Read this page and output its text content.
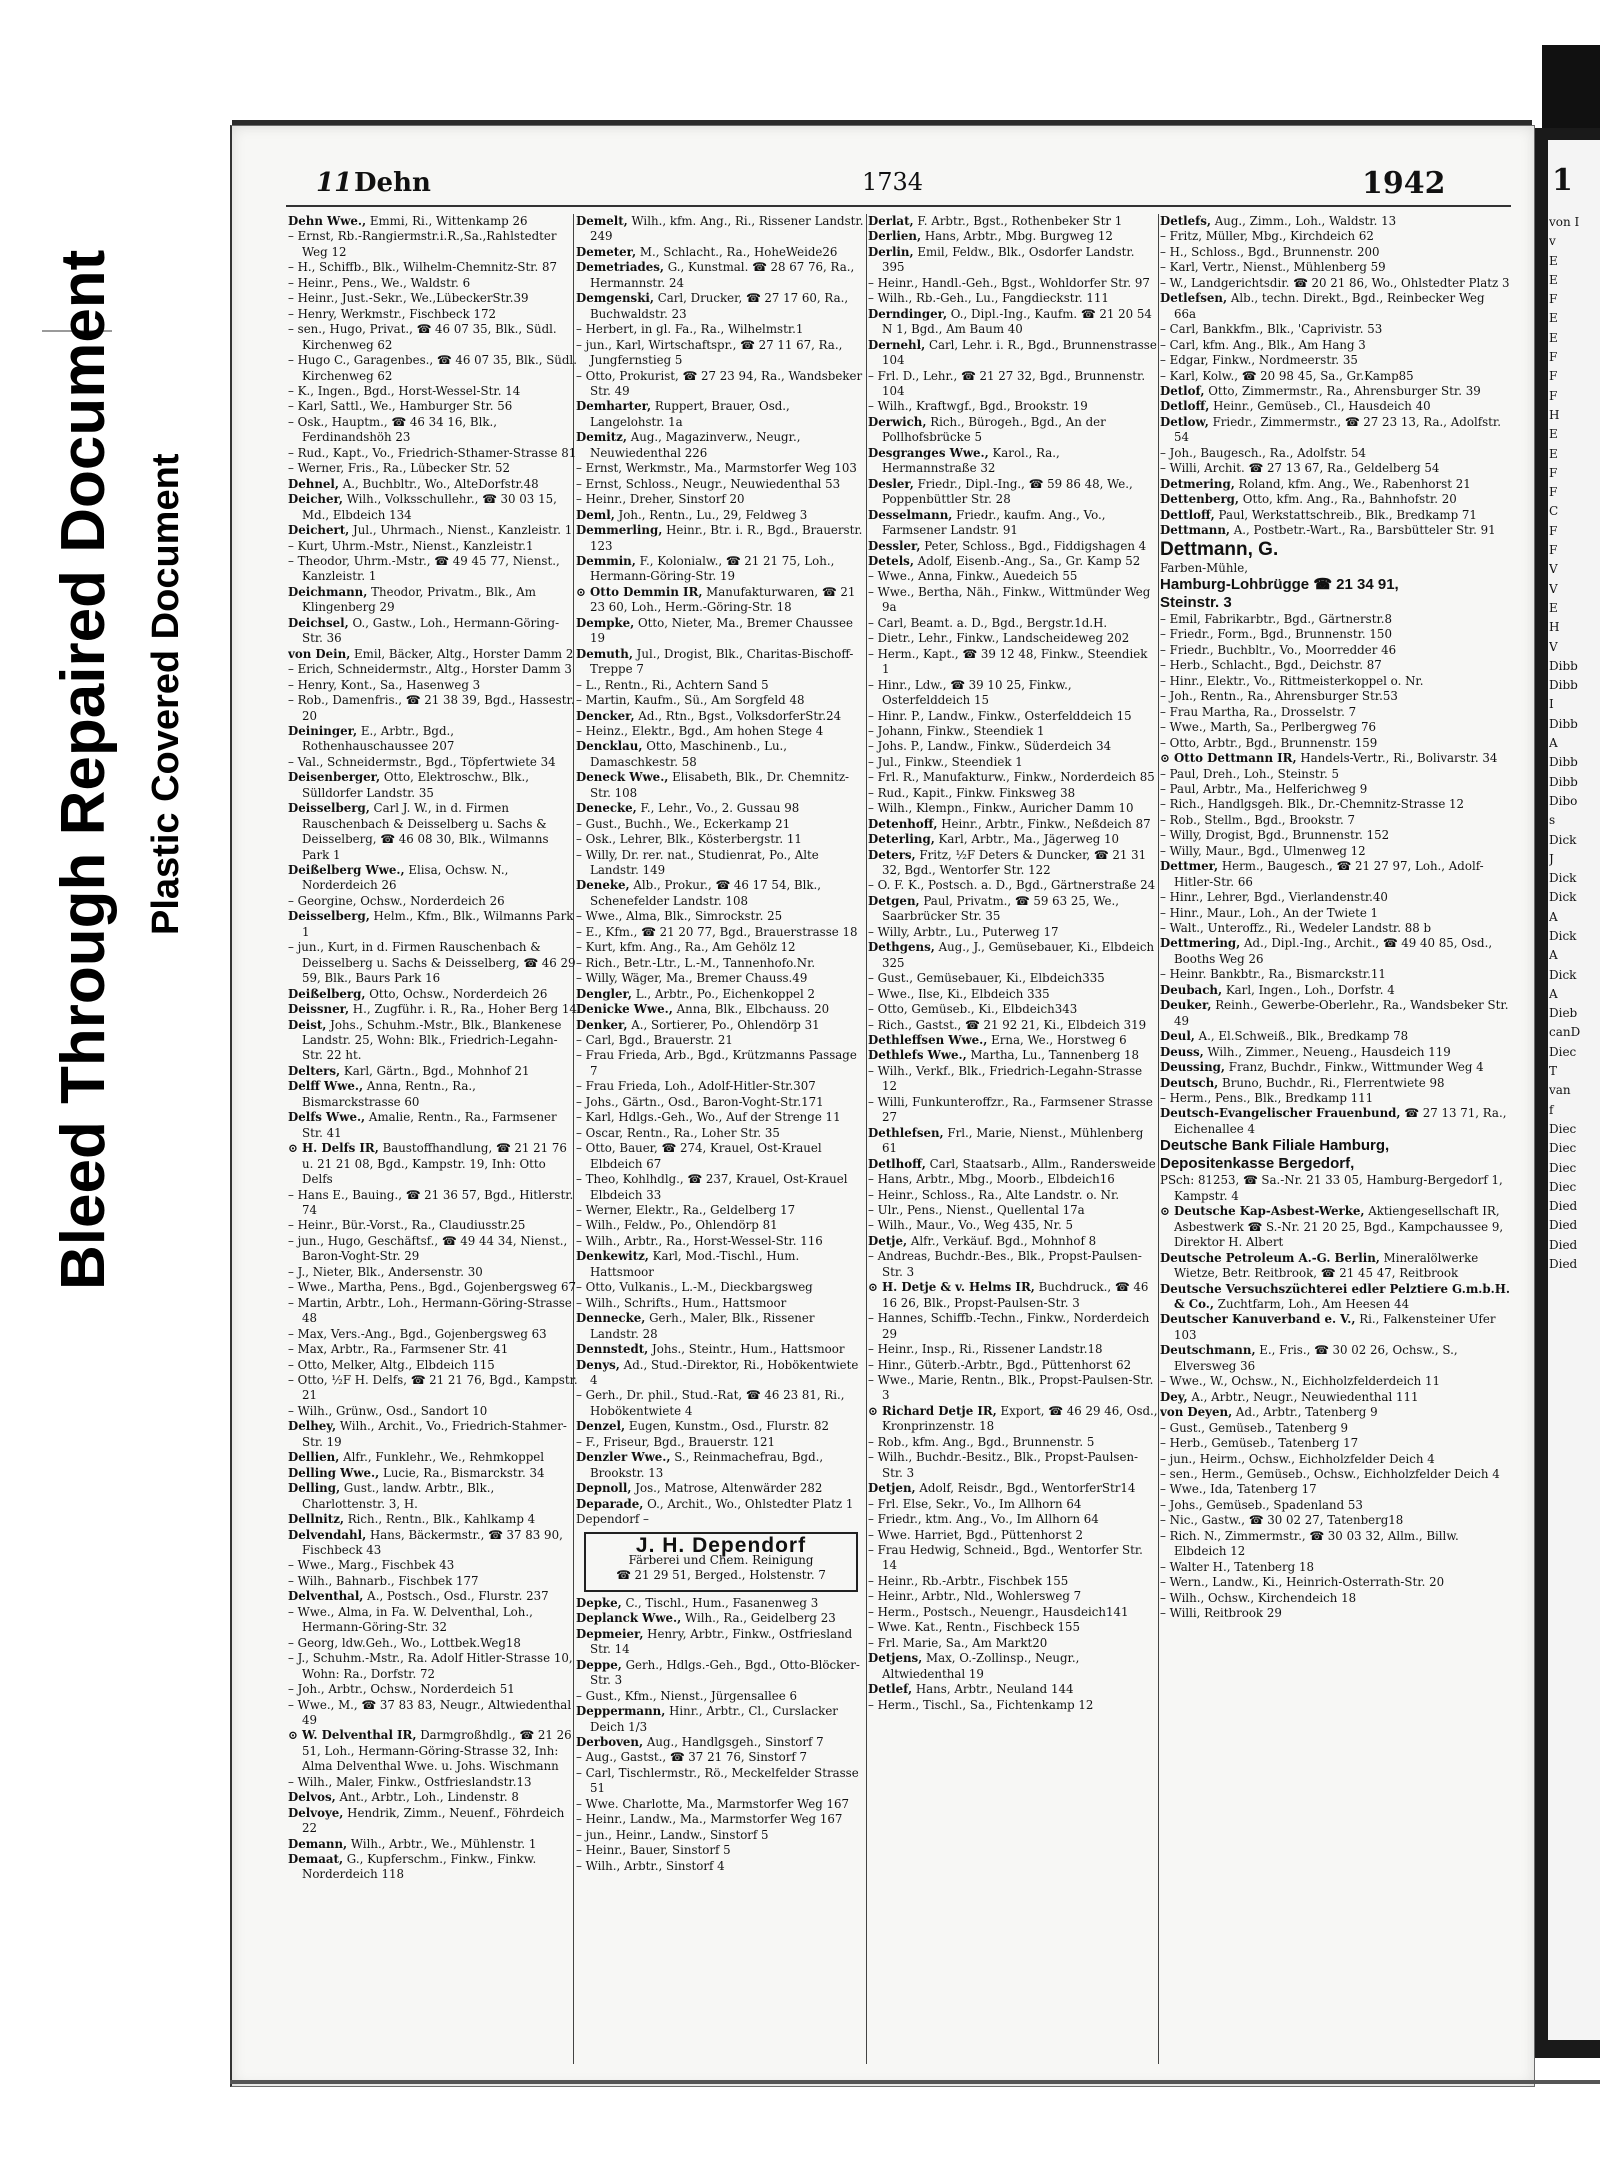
Bleed Through Repaired Document Plastic Covered Document
1
von I
v
E
E
F
E
E
F
F
F
H
E
E
F
F
C
F
F
V
V
E
H
V
Dibb
Dibb
I
Dibb
A
Dibb
Dibb
Dibo
s
Dick
J
Dick
Dick
A
Dick
A
Dick
A
Dieb
canD
Diec
T
van
f
Diec
Diec
Diec
Diec
Died
Died
Died
Died
11 Dehn	1734	1942

Dehn Wwe., Emmi, Ri., Wittenkamp 26

– Ernst, Rb.-Rangiermstr.i.R.,Sa.,Rahlstedter Weg 12

– H., Schiffb., Blk., Wilhelm-Chemnitz-Str. 87

– Heinr., Pens., We., Waldstr. 6

– Heinr., Just.-Sekr., We.,LübeckerStr.39

– Henry, Werkmstr., Fischbeck 172

– sen., Hugo, Privat., ☎ 46 07 35, Blk., Südl. Kirchenweg 62

– Hugo C., Garagenbes., ☎ 46 07 35, Blk., Südl. Kirchenweg 62

– K., Ingen., Bgd., Horst-Wessel-Str. 14

– Karl, Sattl., We., Hamburger Str. 56

– Osk., Hauptm., ☎ 46 34 16, Blk., Ferdinandshöh 23

– Rud., Kapt., Vo., Friedrich-Sthamer-Strasse 81

– Werner, Fris., Ra., Lübecker Str. 52

Dehnel, A., Buchbltr., Wo., AlteDorfstr.48

Deicher, Wilh., Volksschullehr., ☎ 30 03 15, Md., Elbdeich 134

Deichert, Jul., Uhrmach., Nienst., Kanzleistr. 1

– Kurt, Uhrm.-Mstr., Nienst., Kanzleistr.1

– Theodor, Uhrm.-Mstr., ☎ 49 45 77, Nienst., Kanzleistr. 1

Deichmann, Theodor, Privatm., Blk., Am Klingenberg 29

Deichsel, O., Gastw., Loh., Hermann-Göring-Str. 36

von Dein, Emil, Bäcker, Altg., Horster Damm 2

– Erich, Schneidermstr., Altg., Horster Damm 3

– Henry, Kont., Sa., Hasenweg 3

– Rob., Damenfris., ☎ 21 38 39, Bgd., Hassestr. 20

Deininger, E., Arbtr., Bgd., Rothenhauschaussee 207

– Val., Schneidermstr., Bgd., Töpfertwiete 34

Deisenberger, Otto, Elektroschw., Blk., Sülldorfer Landstr. 35

Deisselberg, Carl J. W., in d. Firmen Rauschenbach & Deisselberg u. Sachs & Deisselberg, ☎ 46 08 30, Blk., Wilmanns Park 1

Deißelberg Wwe., Elisa, Ochsw. N., Norderdeich 26

– Georgine, Ochsw., Norderdeich 26

Deisselberg, Helm., Kfm., Blk., Wilmanns Park 1

– jun., Kurt, in d. Firmen Rauschenbach & Deisselberg u. Sachs & Deisselberg, ☎ 46 29 59, Blk., Baurs Park 16

Deißelberg, Otto, Ochsw., Norderdeich 26

Deissner, H., Zugführ. i. R., Ra., Hoher Berg 14

Deist, Johs., Schuhm.-Mstr., Blk., Blankenese Landstr. 25, Wohn: Blk., Friedrich-Legahn-Str. 22 ht.

Delters, Karl, Gärtn., Bgd., Mohnhof 21

Delff Wwe., Anna, Rentn., Ra., Bismarckstrasse 60

Delfs Wwe., Amalie, Rentn., Ra., Farmsener Str. 41

⊙ H. Delfs IR, Baustoffhandlung, ☎ 21 21 76 u. 21 21 08, Bgd., Kampstr. 19, Inh: Otto Delfs

– Hans E., Bauing., ☎ 21 36 57, Bgd., Hitlerstr. 74

– Heinr., Bür.-Vorst., Ra., Claudiusstr.25

– jun., Hugo, Geschäftsf., ☎ 49 44 34, Nienst., Baron-Voght-Str. 29

– J., Nieter, Blk., Andersenstr. 30

– Wwe., Martha, Pens., Bgd., Gojenbergsweg 67

– Martin, Arbtr., Loh., Hermann-Göring-Strasse 48

– Max, Vers.-Ang., Bgd., Gojenbergsweg 63

– Max, Arbtr., Ra., Farmsener Str. 41

– Otto, Melker, Altg., Elbdeich 115

– Otto, ½F H. Delfs, ☎ 21 21 76, Bgd., Kampstr. 21

– Wilh., Grünw., Osd., Sandort 10

Delhey, Wilh., Archit., Vo., Friedrich-Stahmer-Str. 19

Dellien, Alfr., Funklehr., We., Rehmkoppel

Delling Wwe., Lucie, Ra., Bismarckstr. 34

Delling, Gust., landw. Arbtr., Blk., Charlottenstr. 3, H.

Dellnitz, Rich., Rentn., Blk., Kahlkamp 4

Delvendahl, Hans, Bäckermstr., ☎ 37 83 90, Fischbeck 43

– Wwe., Marg., Fischbek 43

– Wilh., Bahnarb., Fischbek 177

Delventhal, A., Postsch., Osd., Flurstr. 237

– Wwe., Alma, in Fa. W. Delventhal, Loh., Hermann-Göring-Str. 32

– Georg, ldw.Geh., Wo., Lottbek.Weg18

– J., Schuhm.-Mstr., Ra. Adolf Hitler-Strasse 10, Wohn: Ra., Dorfstr. 72

– Joh., Arbtr., Ochsw., Norderdeich 51

– Wwe., M., ☎ 37 83 83, Neugr., Altwiedenthal 49

⊙ W. Delventhal IR, Darmgroßhdlg., ☎ 21 26 51, Loh., Hermann-Göring-Strasse 32, Inh: Alma Delventhal Wwe. u. Johs. Wischmann

– Wilh., Maler, Finkw., Ostfrieslandstr.13

Delvos, Ant., Arbtr., Loh., Lindenstr. 8

Delvoye, Hendrik, Zimm., Neuenf., Föhrdeich 22

Demann, Wilh., Arbtr., We., Mühlenstr. 1

Demaat, G., Kupferschm., Finkw., Finkw. Norderdeich 118

Demelt, Wilh., kfm. Ang., Ri., Rissener Landstr. 249

Demeter, M., Schlacht., Ra., HoheWeide26

Demetriades, G., Kunstmal. ☎ 28 67 76, Ra., Hermannstr. 24

Demgenski, Carl, Drucker, ☎ 27 17 60, Ra., Buchwaldstr. 23

– Herbert, in gl. Fa., Ra., Wilhelmstr.1

– jun., Karl, Wirtschaftspr., ☎ 27 11 67, Ra., Jungfernstieg 5

– Otto, Prokurist, ☎ 27 23 94, Ra., Wandsbeker Str. 49

Demharter, Ruppert, Brauer, Osd., Langelohstr. 1a

Demitz, Aug., Magazinverw., Neugr., Neuwiedenthal 226

– Ernst, Werkmstr., Ma., Marmstorfer Weg 103

– Ernst, Schloss., Neugr., Neuwiedenthal 53

– Heinr., Dreher, Sinstorf 20

Deml, Joh., Rentn., Lu., 29, Feldweg 3

Demmerling, Heinr., Btr. i. R., Bgd., Brauerstr. 123

Demmin, F., Kolonialw., ☎ 21 21 75, Loh., Hermann-Göring-Str. 19

⊙ Otto Demmin IR, Manufakturwaren, ☎ 21 23 60, Loh., Herm.-Göring-Str. 18

Dempke, Otto, Nieter, Ma., Bremer Chaussee 19

Demuth, Jul., Drogist, Blk., Charitas-Bischoff-Treppe 7

– L., Rentn., Ri., Achtern Sand 5

– Martin, Kaufm., Sü., Am Sorgfeld 48

Dencker, Ad., Rtn., Bgst., VolksdorferStr.24

– Heinz., Elektr., Bgd., Am hohen Stege 4

Dencklau, Otto, Maschinenb., Lu., Damaschkestr. 58

Deneck Wwe., Elisabeth, Blk., Dr. Chemnitz-Str. 108

Denecke, F., Lehr., Vo., 2. Gussau 98

– Gust., Buchh., We., Eckerkamp 21

– Osk., Lehrer, Blk., Kösterbergstr. 11

– Willy, Dr. rer. nat., Studienrat, Po., Alte Landstr. 149

Deneke, Alb., Prokur., ☎ 46 17 54, Blk., Schenefelder Landstr. 108

– Wwe., Alma, Blk., Simrockstr. 25

– E., Kfm., ☎ 21 20 77, Bgd., Brauerstrasse 18

– Kurt, kfm. Ang., Ra., Am Gehölz 12

– Rich., Betr.-Ltr., L.-M., Tannenhofo.Nr.

– Willy, Wäger, Ma., Bremer Chauss.49

Dengler, L., Arbtr., Po., Eichenkoppel 2

Denicke Wwe., Anna, Blk., Elbchauss. 20

Denker, A., Sortierer, Po., Ohlendörp 31

– Carl, Bgd., Brauerstr. 21

– Frau Frieda, Arb., Bgd., Krützmanns Passage 7

– Frau Frieda, Loh., Adolf-Hitler-Str.307

– Johs., Gärtn., Osd., Baron-Voght-Str.171

– Karl, Hdlgs.-Geh., Wo., Auf der Strenge 11

– Oscar, Rentn., Ra., Loher Str. 35

– Otto, Bauer, ☎ 274, Krauel, Ost-Krauel Elbdeich 67

– Theo, Kohlhdlg., ☎ 237, Krauel, Ost-Krauel Elbdeich 33

– Werner, Elektr., Ra., Geldelberg 17

– Wilh., Feldw., Po., Ohlendörp 81

– Wilh., Arbtr., Ra., Horst-Wessel-Str. 116

Denkewitz, Karl, Mod.-Tischl., Hum. Hattsmoor

– Otto, Vulkanis., L.-M., Dieckbargsweg

– Wilh., Schrifts., Hum., Hattsmoor

Dennecke, Gerh., Maler, Blk., Rissener Landstr. 28

Dennstedt, Johs., Steintr., Hum., Hattsmoor

Denys, Ad., Stud.-Direktor, Ri., Hobökentwiete 4

– Gerh., Dr. phil., Stud.-Rat, ☎ 46 23 81, Ri., Hobökentwiete 4

Denzel, Eugen, Kunstm., Osd., Flurstr. 82

– F., Friseur, Bgd., Brauerstr. 121

Denzler Wwe., S., Reinmachefrau, Bgd., Brookstr. 13

Depnoll, Jos., Matrose, Altenwärder 282

Deparade, O., Archit., Wo., Ohlstedter Platz 1

Dependorf –

J. H. Dependorf
Färberei und Chem. Reinigung
☎ 21 29 51, Berged., Holstenstr. 7

Depke, C., Tischl., Hum., Fasanenweg 3

Deplanck Wwe., Wilh., Ra., Geidelberg 23

Depmeier, Henry, Arbtr., Finkw., Ostfriesland Str. 14

Deppe, Gerh., Hdlgs.-Geh., Bgd., Otto-Blöcker-Str. 3

– Gust., Kfm., Nienst., Jürgensallee 6

Deppermann, Hinr., Arbtr., Cl., Curslacker Deich 1/3

Derboven, Aug., Handlgsgeh., Sinstorf 7

– Aug., Gastst., ☎ 37 21 76, Sinstorf 7

– Carl, Tischlermstr., Rö., Meckelfelder Strasse 51

– Wwe. Charlotte, Ma., Marmstorfer Weg 167

– Heinr., Landw., Ma., Marmstorfer Weg 167

– jun., Heinr., Landw., Sinstorf 5

– Heinr., Bauer, Sinstorf 5

– Wilh., Arbtr., Sinstorf 4

Derlat, F. Arbtr., Bgst., Rothenbeker Str 1

Derlien, Hans, Arbtr., Mbg. Burgweg 12

Derlin, Emil, Feldw., Blk., Osdorfer Landstr. 395

– Heinr., Handl.-Geh., Bgst., Wohldorfer Str. 97

– Wilh., Rb.-Geh., Lu., Fangdieckstr. 111

Derndinger, O., Dipl.-Ing., Kaufm. ☎ 21 20 54 N 1, Bgd., Am Baum 40

Dernehl, Carl, Lehr. i. R., Bgd., Brunnenstrasse 104

– Frl. D., Lehr., ☎ 21 27 32, Bgd., Brunnenstr. 104

– Wilh., Kraftwgf., Bgd., Brookstr. 19

Derwich, Rich., Bürogeh., Bgd., An der Pollhofsbrücke 5

Desgranges Wwe., Karol., Ra., Hermannstraße 32

Desler, Friedr., Dipl.-Ing., ☎ 59 86 48, We., Poppenbüttler Str. 28

Desselmann, Friedr., kaufm. Ang., Vo., Farmsener Landstr. 91

Dessler, Peter, Schloss., Bgd., Fiddigshagen 4

Detels, Adolf, Eisenb.-Ang., Sa., Gr. Kamp 52

– Wwe., Anna, Finkw., Auedeich 55

– Wwe., Bertha, Näh., Finkw., Wittmünder Weg 9a

– Carl, Beamt. a. D., Bgd., Bergstr.1d.H.

– Dietr., Lehr., Finkw., Landscheideweg 202

– Herm., Kapt., ☎ 39 12 48, Finkw., Steendiek 1

– Hinr., Ldw., ☎ 39 10 25, Finkw., Osterfelddeich 15

– Hinr. P., Landw., Finkw., Osterfelddeich 15

– Johann, Finkw., Steendiek 1

– Johs. P., Landw., Finkw., Süderdeich 34

– Jul., Finkw., Steendiek 1

– Frl. R., Manufakturw., Finkw., Norderdeich 85

– Rud., Kapit., Finkw. Finksweg 38

– Wilh., Klempn., Finkw., Auricher Damm 10

Detenhoff, Heinr., Arbtr., Finkw., Neßdeich 87

Deterling, Karl, Arbtr., Ma., Jägerweg 10

Deters, Fritz, ½F Deters & Duncker, ☎ 21 31 32, Bgd., Wentorfer Str. 122

– O. F. K., Postsch. a. D., Bgd., Gärtnerstraße 24

Detgen, Paul, Privatm., ☎ 59 63 25, We., Saarbrücker Str. 35

– Willy, Arbtr., Lu., Puterweg 17

Dethgens, Aug., J., Gemüsebauer, Ki., Elbdeich 325

– Gust., Gemüsebauer, Ki., Elbdeich335

– Wwe., Ilse, Ki., Elbdeich 335

– Otto, Gemüseb., Ki., Elbdeich343

– Rich., Gastst., ☎ 21 92 21, Ki., Elbdeich 319

Dethleffsen Wwe., Erna, We., Horstweg 6

Dethlefs Wwe., Martha, Lu., Tannenberg 18

– Wilh., Verkf., Blk., Friedrich-Legahn-Strasse 12

– Willi, Funkunteroffzr., Ra., Farmsener Strasse 27

Dethlefsen, Frl., Marie, Nienst., Mühlenberg 61

Detlhoff, Carl, Staatsarb., Allm., Randersweide

– Hans, Arbtr., Mbg., Moorb., Elbdeich16

– Heinr., Schloss., Ra., Alte Landstr. o. Nr.

– Ulr., Pens., Nienst., Quellental 17a

– Wilh., Maur., Vo., Weg 435, Nr. 5

Detje, Alfr., Verkäuf. Bgd., Mohnhof 8

– Andreas, Buchdr.-Bes., Blk., Propst-Paulsen-Str. 3

⊙ H. Detje & v. Helms IR, Buchdruck., ☎ 46 16 26, Blk., Propst-Paulsen-Str. 3

– Hannes, Schiffb.-Techn., Finkw., Norderdeich 29

– Heinr., Insp., Ri., Rissener Landstr.18

– Hinr., Güterb.-Arbtr., Bgd., Püttenhorst 62

– Wwe., Marie, Rentn., Blk., Propst-Paulsen-Str. 3

⊙ Richard Detje IR, Export, ☎ 46 29 46, Osd., Kronprinzenstr. 18

– Rob., kfm. Ang., Bgd., Brunnenstr. 5

– Wilh., Buchdr.-Besitz., Blk., Propst-Paulsen-Str. 3

Detjen, Adolf, Reisdr., Bgd., WentorferStr14

– Frl. Else, Sekr., Vo., Im Allhorn 64

– Friedr., ktm. Ang., Vo., Im Allhorn 64

– Wwe. Harriet, Bgd., Püttenhorst 2

– Frau Hedwig, Schneid., Bgd., Wentorfer Str. 14

– Heinr., Rb.-Arbtr., Fischbek 155

– Heinr., Arbtr., Nld., Wohlersweg 7

– Herm., Postsch., Neuengr., Hausdeich141

– Wwe. Kat., Rentn., Fischbeck 155

– Frl. Marie, Sa., Am Markt20

Detjens, Max, O.-Zollinsp., Neugr., Altwiedenthal 19

Detlef, Hans, Arbtr., Neuland 144

– Herm., Tischl., Sa., Fichtenkamp 12

Detlefs, Aug., Zimm., Loh., Waldstr. 13

– Fritz, Müller, Mbg., Kirchdeich 62

– H., Schloss., Bgd., Brunnenstr. 200

– Karl, Vertr., Nienst., Mühlenberg 59

– W., Landgerichtsdir. ☎ 20 21 86, Wo., Ohlstedter Platz 3

Detlefsen, Alb., techn. Direkt., Bgd., Reinbecker Weg 66a

– Carl, Bankkfm., Blk., 'Caprivistr. 53

– Carl, kfm. Ang., Blk., Am Hang 3

– Edgar, Finkw., Nordmeerstr. 35

– Karl, Kolw., ☎ 20 98 45, Sa., Gr.Kamp85

Detlof, Otto, Zimmermstr., Ra., Ahrensburger Str. 39

Detloff, Heinr., Gemüseb., Cl., Hausdeich 40

Detlow, Friedr., Zimmermstr., ☎ 27 23 13, Ra., Adolfstr. 54

– Joh., Baugesch., Ra., Adolfstr. 54

– Willi, Archit. ☎ 27 13 67, Ra., Geldelberg 54

Detmering, Roland, kfm. Ang., We., Rabenhorst 21

Dettenberg, Otto, kfm. Ang., Ra., Bahnhofstr. 20

Dettloff, Paul, Werkstattschreib., Blk., Bredkamp 71

Dettmann, A., Postbetr.-Wart., Ra., Barsbütteler Str. 91

Dettmann, G.

Farben-Mühle,

Hamburg-Lohbrügge ☎ 21 34 91,

Steinstr. 3

– Emil, Fabrikarbtr., Bgd., Gärtnerstr.8

– Friedr., Form., Bgd., Brunnenstr. 150

– Friedr., Buchbltr., Vo., Moorredder 46

– Herb., Schlacht., Bgd., Deichstr. 87

– Hinr., Elektr., Vo., Rittmeisterkoppel o. Nr.

– Joh., Rentn., Ra., Ahrensburger Str.53

– Frau Martha, Ra., Drosselstr. 7

– Wwe., Marth, Sa., Perlbergweg 76

– Otto, Arbtr., Bgd., Brunnenstr. 159

⊙ Otto Dettmann IR, Handels-Vertr., Ri., Bolivarstr. 34

– Paul, Dreh., Loh., Steinstr. 5

– Paul, Arbtr., Ma., Helferichweg 9

– Rich., Handlgsgeh. Blk., Dr.-Chemnitz-Strasse 12

– Rob., Stellm., Bgd., Brookstr. 7

– Willy, Drogist, Bgd., Brunnenstr. 152

– Willy, Maur., Bgd., Ulmenweg 12

Dettmer, Herm., Baugesch., ☎ 21 27 97, Loh., Adolf-Hitler-Str. 66

– Hinr., Lehrer, Bgd., Vierlandenstr.40

– Hinr., Maur., Loh., An der Twiete 1

– Walt., Unteroffz., Ri., Wedeler Landstr. 88 b

Dettmering, Ad., Dipl.-Ing., Archit., ☎ 49 40 85, Osd., Booths Weg 26

– Heinr. Bankbtr., Ra., Bismarckstr.11

Deubach, Karl, Ingen., Loh., Dorfstr. 4

Deuker, Reinh., Gewerbe-Oberlehr., Ra., Wandsbeker Str. 49

Deul, A., El.Schweiß., Blk., Bredkamp 78

Deuss, Wilh., Zimmer., Neueng., Hausdeich 119

Deussing, Franz, Buchdr., Finkw., Wittmunder Weg 4

Deutsch, Bruno, Buchdr., Ri., Flerrentwiete 98

– Herm., Pens., Blk., Bredkamp 111

Deutsch-Evangelischer Frauenbund, ☎ 27 13 71, Ra., Eichenallee 4

Deutsche Bank Filiale Hamburg,

Depositenkasse Bergedorf,

PSch: 81253, ☎ Sa.-Nr. 21 33 05, Hamburg-Bergedorf 1, Kampstr. 4

⊙ Deutsche Kap-Asbest-Werke, Aktiengesellschaft IR, Asbestwerk ☎ S.-Nr. 21 20 25, Bgd., Kampchaussee 9, Direktor H. Albert

Deutsche Petroleum A.-G. Berlin, Mineralölwerke Wietze, Betr. Reitbrook, ☎ 21 45 47, Reitbrook

Deutsche Versuchszüchterei edler Pelztiere G.m.b.H. & Co., Zuchtfarm, Loh., Am Heesen 44

Deutscher Kanuverband e. V., Ri., Falkensteiner Ufer 103

Deutschmann, E., Fris., ☎ 30 02 26, Ochsw., S., Elversweg 36

– Wwe., W., Ochsw., N., Eichholzfelderdeich 11

Dey, A., Arbtr., Neugr., Neuwiedenthal 111

von Deyen, Ad., Arbtr., Tatenberg 9

– Gust., Gemüseb., Tatenberg 9

– Herb., Gemüseb., Tatenberg 17

– jun., Heirm., Ochsw., Eichholzfelder Deich 4

– sen., Herm., Gemüseb., Ochsw., Eichholzfelder Deich 4

– Wwe., Ida, Tatenberg 17

– Johs., Gemüseb., Spadenland 53

– Nic., Gastw., ☎ 30 02 27, Tatenberg18

– Rich. N., Zimmermstr., ☎ 30 03 32, Allm., Billw. Elbdeich 12

– Walter H., Tatenberg 18

– Wern., Landw., Ki., Heinrich-Osterrath-Str. 20

– Wilh., Ochsw., Kirchendeich 18

– Willi, Reitbrook 29
